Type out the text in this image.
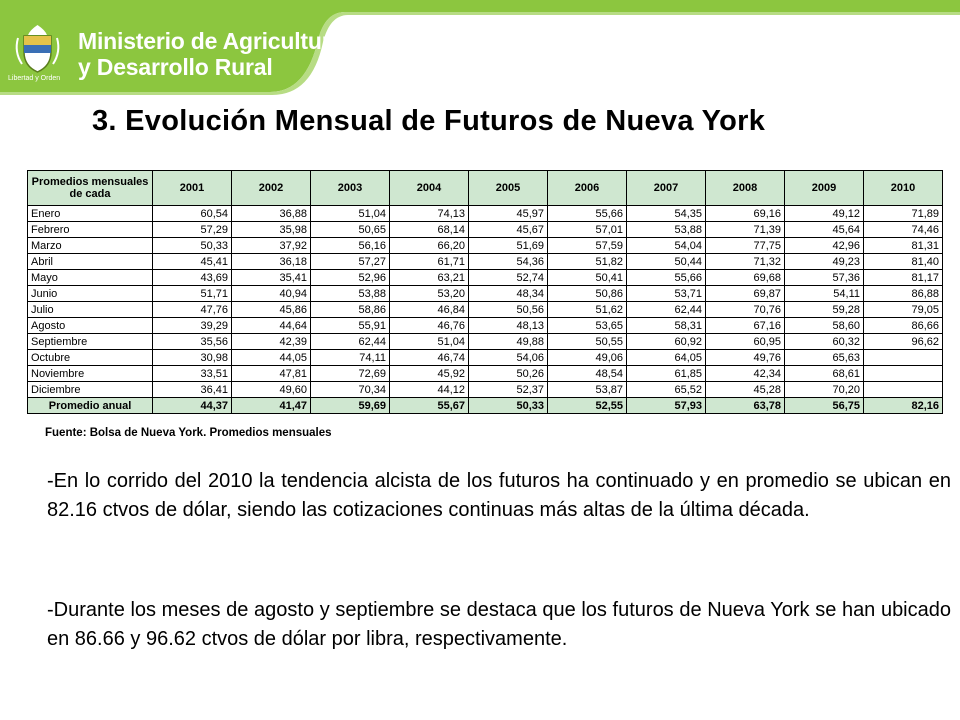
Libertad y Orden
Ministerio de Agricultura
y Desarrollo Rural
3. Evolución Mensual de Futuros de Nueva York
Promedios mensuales de cada	2001	2002	2003	2004	2005	2006	2007	2008	2009	2010
Enero	60,54	36,88	51,04	74,13	45,97	55,66	54,35	69,16	49,12	71,89
Febrero	57,29	35,98	50,65	68,14	45,67	57,01	53,88	71,39	45,64	74,46
Marzo	50,33	37,92	56,16	66,20	51,69	57,59	54,04	77,75	42,96	81,31
Abril	45,41	36,18	57,27	61,71	54,36	51,82	50,44	71,32	49,23	81,40
Mayo	43,69	35,41	52,96	63,21	52,74	50,41	55,66	69,68	57,36	81,17
Junio	51,71	40,94	53,88	53,20	48,34	50,86	53,71	69,87	54,11	86,88
Julio	47,76	45,86	58,86	46,84	50,56	51,62	62,44	70,76	59,28	79,05
Agosto	39,29	44,64	55,91	46,76	48,13	53,65	58,31	67,16	58,60	86,66
Septiembre	35,56	42,39	62,44	51,04	49,88	50,55	60,92	60,95	60,32	96,62
Octubre	30,98	44,05	74,11	46,74	54,06	49,06	64,05	49,76	65,63	
Noviembre	33,51	47,81	72,69	45,92	50,26	48,54	61,85	42,34	68,61	
Diciembre	36,41	49,60	70,34	44,12	52,37	53,87	65,52	45,28	70,20	
Promedio anual	44,37	41,47	59,69	55,67	50,33	52,55	57,93	63,78	56,75	82,16
Fuente: Bolsa de Nueva York. Promedios mensuales
-En lo corrido del 2010 la tendencia alcista de los futuros ha continuado y en promedio se ubican en 82.16 ctvos de dólar, siendo las cotizaciones continuas más altas de la última década.
-Durante los meses de agosto y septiembre se destaca que los futuros de Nueva York se han ubicado en 86.66 y 96.62 ctvos de dólar por libra, respectivamente.
